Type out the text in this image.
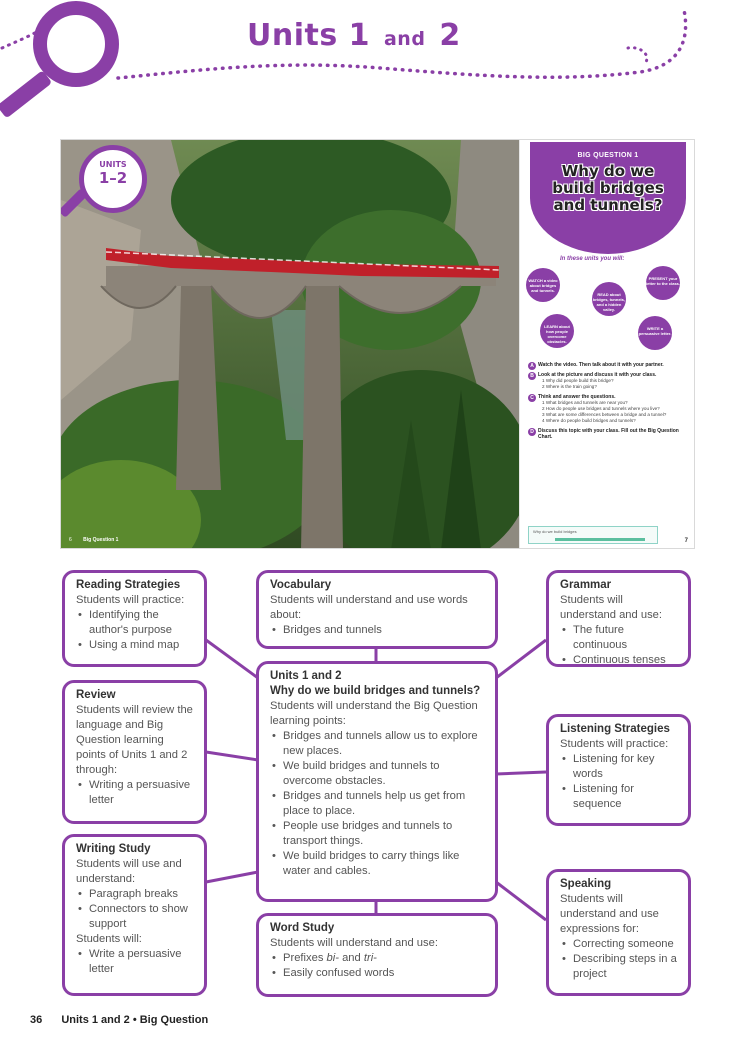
Units 1 and 2
UNITS
1–2
6 Big Question 1
BIG QUESTION 1
Why do we build bridges and tunnels?
In these units you will:
WATCH a video about bridges and tunnels.
READ about bridges, tunnels, and a hidden valley.
PRESENT your letter to the class.
LEARN about how people overcome obstacles.
WRITE a persuasive letter.
A Watch the video. Then talk about it with your partner.
B Look at the picture and discuss it with your class.
1 Why did people build this bridge?
2 Where is the train going?
C Think and answer the questions.
1 What bridges and tunnels are near you?
2 How do people use bridges and tunnels where you live?
3 What are some differences between a bridge and a tunnel?
4 Where do people build bridges and tunnels?
D Discuss this topic with your class. Fill out the Big Question Chart.
Why do we build bridges
7
Reading Strategies
Students will practice:
• Identifying the author's purpose
• Using a mind map
Vocabulary
Students will understand and use words about:
• Bridges and tunnels
Grammar
Students will understand and use:
• The future continuous
• Continuous tenses
Review
Students will review the language and Big Question learning points of Units 1 and 2 through:
• Writing a persuasive letter
Units 1 and 2
Why do we build bridges and tunnels?
Students will understand the Big Question learning points:
• Bridges and tunnels allow us to explore new places.
• We build bridges and tunnels to overcome obstacles.
• Bridges and tunnels help us get from place to place.
• People use bridges and tunnels to transport things.
• We build bridges to carry things like water and cables.
Listening Strategies
Students will practice:
• Listening for key words
• Listening for sequence
Writing Study
Students will use and understand:
• Paragraph breaks
• Connectors to show support
Students will:
• Write a persuasive letter
Word Study
Students will understand and use:
• Prefixes bi- and tri-
• Easily confused words
Speaking
Students will understand and use expressions for:
• Correcting someone
• Describing steps in a project
36 Units 1 and 2 • Big Question
